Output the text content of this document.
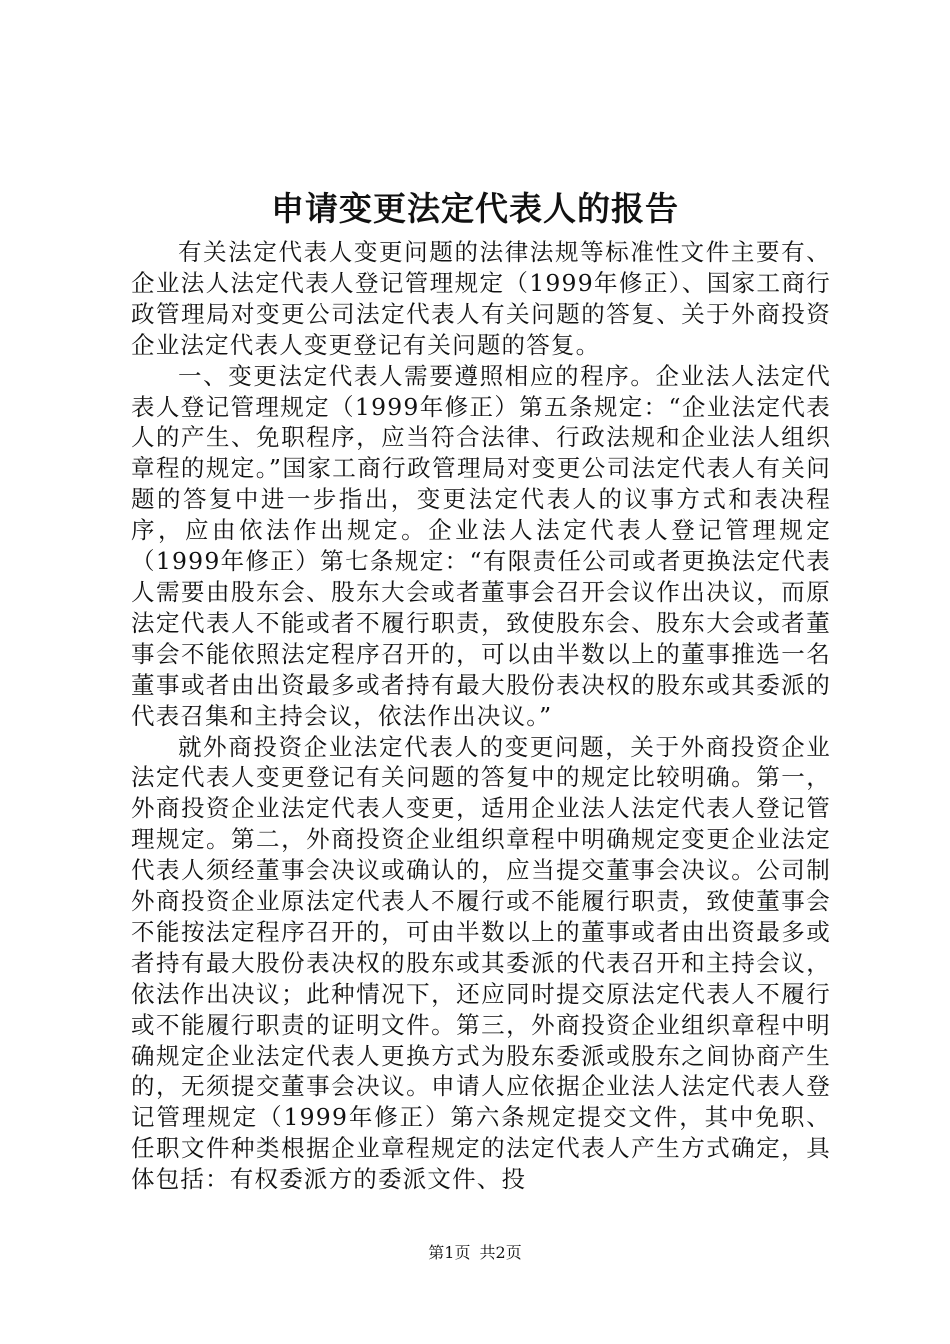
申请变更法定代表人的报告

有关法定代表人变更问题的法律法规等标准性文件主要有、企业法人法定代表人登记管理规定（1999年修正）、国家工商行政管理局对变更公司法定代表人有关问题的答复、关于外商投资企业法定代表人变更登记有关问题的答复。

一、变更法定代表人需要遵照相应的程序。企业法人法定代表人登记管理规定（1999年修正）第五条规定：“企业法定代表人的产生、免职程序，应当符合法律、行政法规和企业法人组织章程的规定。”国家工商行政管理局对变更公司法定代表人有关问题的答复中进一步指出，变更法定代表人的议事方式和表决程序，应由依法作出规定。企业法人法定代表人登记管理规定（1999年修正）第七条规定：“有限责任公司或者更换法定代表人需要由股东会、股东大会或者董事会召开会议作出决议，而原法定代表人不能或者不履行职责，致使股东会、股东大会或者董事会不能依照法定程序召开的，可以由半数以上的董事推选一名董事或者由出资最多或者持有最大股份表决权的股东或其委派的代表召集和主持会议，依法作出决议。”

就外商投资企业法定代表人的变更问题，关于外商投资企业法定代表人变更登记有关问题的答复中的规定比较明确。第一，外商投资企业法定代表人变更，适用企业法人法定代表人登记管理规定。第二，外商投资企业组织章程中明确规定变更企业法定代表人须经董事会决议或确认的，应当提交董事会决议。公司制外商投资企业原法定代表人不履行或不能履行职责，致使董事会不能按法定程序召开的，可由半数以上的董事或者由出资最多或者持有最大股份表决权的股东或其委派的代表召开和主持会议，依法作出决议；此种情况下，还应同时提交原法定代表人不履行或不能履行职责的证明文件。第三，外商投资企业组织章程中明确规定企业法定代表人更换方式为股东委派或股东之间协商产生的，无须提交董事会决议。申请人应依据企业法人法定代表人登记管理规定（1999年修正）第六条规定提交文件，其中免职、任职文件种类根据企业章程规定的法定代表人产生方式确定，具体包括：有权委派方的委派文件、投

第1页 共2页
